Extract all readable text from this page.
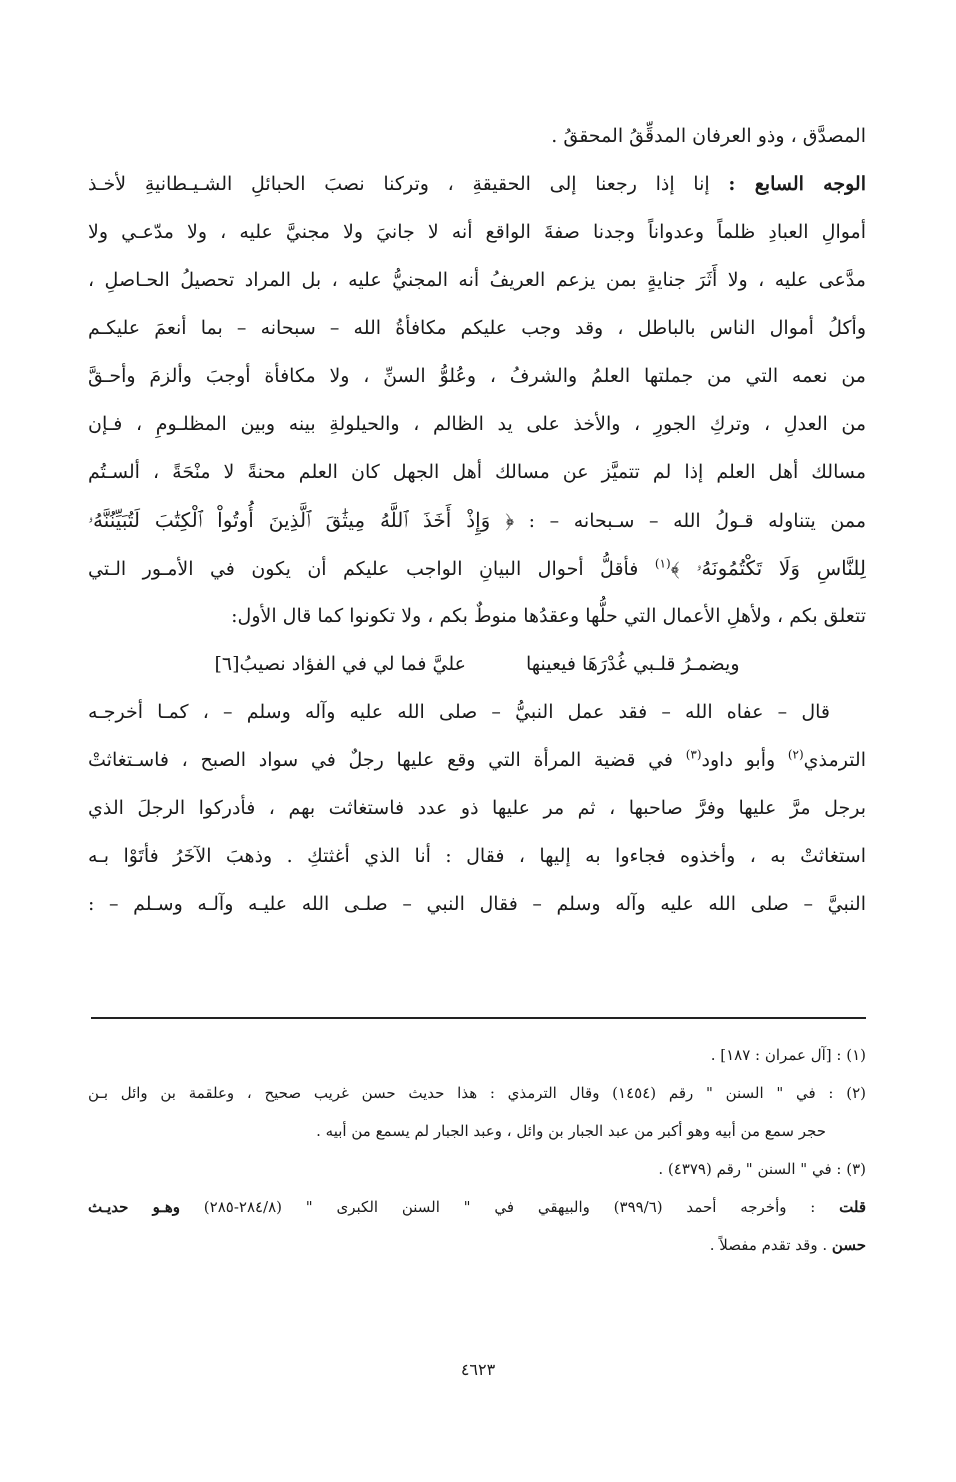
المصدَّق ، وذو العرفان المدقِّقُ المحققُ .
الوجه السابع : إنا إذا رجعنا إلى الحقيقةِ ، وتركنا نصبَ الحبائلِ الشـيـطانيةِ لأخـذ
أموالِ العبادِ ظلماً وعدواناً وجدنا صفةَ الواقع أنه لا جانيَ ولا مجنيَّ عليه ، ولا مدّعـي ولا
مدَّعى عليه ، ولا أَثَرَ جنايةٍ بمن يزعم العريفُ أنه المجنيُّ عليه ، بل المراد تحصيلُ الحـاصلِ ،
وأكلُ أموال الناس بالباطل ، وقد وجب عليكم مكافأةُ الله – سبحانه – بما أنعمَ عليكـم
من نعمه التي من جملتها العلمُ والشرفُ ، وعُلوُّ السنِّ ، ولا مكافأة أوجبَ وألزمَ وأحـقَّ
من العدلِ ، وتركِ الجورِ ، والأخذ على يد الظالم ، والحيلولةِ بينه وبين المظلـومِ ، فـإن
مسالك أهل العلم إذا لم تتميَّز عن مسالك أهل الجهل كان العلم محنةً لا منْحَةً ، ألسـتُم
ممن يتناوله قـولُ الله – سـبحانه – : ﴿ وَإِذْ أَخَذَ ٱللَّهُ مِيثَٰقَ ٱلَّذِينَ أُوتُواْ ٱلْكِتَٰبَ لَتُبَيِّنُنَّهُۥ
لِلنَّاسِ وَلَا تَكْتُمُونَهُۥ ﴾$^{(١)}$ فأقلُّ أحوال البيانِ الواجب عليكم أن يكون في الأمـور الـتي
تتعلق بكم ، ولأهلِ الأعمال التي حلُّها وعقدُها منوطٌ بكم ، ولا تكونوا كما قال الأول:
ويضمـرُ قلـبي غُدْرَهَا فيعينهاعليَّ فما لي في الفؤاد نصيبُ[٦]
قال – عفاه الله – فقد عمل النبيُّ – صلى الله عليه وآله وسلم – ، كمـا أخرجـه
الترمذي$^{(٢)}$ وأبو داود$^{(٣)}$ في قضية المرأة التي وقع عليها رجلٌ في سواد الصبح ، فاسـتغاثتْ
برجل مرَّ عليها وفرَّ صاحبها ، ثم مر عليها ذو عدد فاستغاثت بهم ، فأدركوا الرجلَ الذي
استغاثتْ به ، وأخذوه فجاءوا به إليها ، فقال : أنا الذي أغثتكِ . وذهبَ الآخَرُ فأتَوْا بـه
النبيَّ – صلى الله عليه وآله وسلم – فقال النبي – صلـى الله عليـه وآلـه وسـلم – :
(١) : [آل عمران : ١٨٧] .
(٢) : في " السنن " رقم (١٤٥٤) وقال الترمذي : هذا حديث حسن غريب صحيح ، وعلقمة بن وائل بـن
حجر سمع من أبيه وهو أكبر من عبد الجبار بن وائل ، وعبد الجبار لم يسمع من أبيه .
(٣) : في " السنن " رقم (٤٣٧٩) .
قلت : وأخرجه أحمد (٣٩٩/٦) والبيهقي في " السنن الكبرى " (٢٨٤/٨-٢٨٥) وهـو حديـث
حسن . وقد تقدم مفصلاً .
٤٦٢٣
